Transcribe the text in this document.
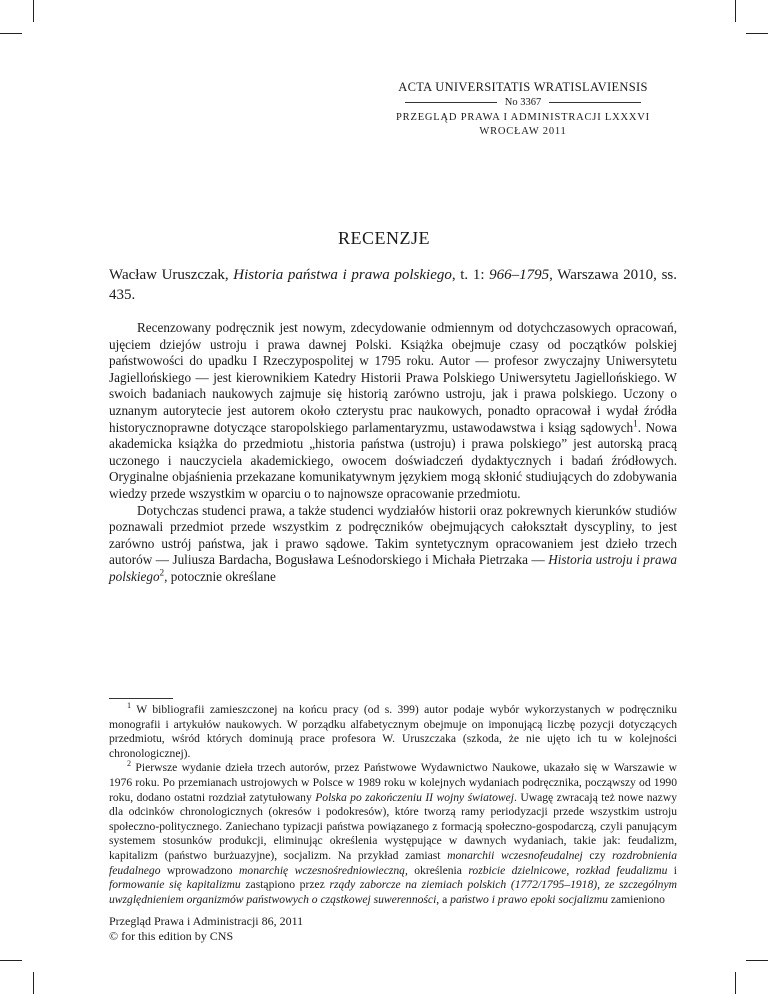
ACTA UNIVERSITATIS WRATISLAVIENSIS
No 3367
PRZEGLĄD PRAWA I ADMINISTRACJI LXXXVI
WROCŁAW 2011
RECENZJE
Wacław Uruszczak, Historia państwa i prawa polskiego, t. 1: 966–1795, Warszawa 2010, ss. 435.

Recenzowany podręcznik jest nowym, zdecydowanie odmiennym od dotychczasowych opracowań, ujęciem dziejów ustroju i prawa dawnej Polski. Książka obejmuje czasy od początków polskiej państwowości do upadku I Rzeczypospolitej w 1795 roku. Autor — profesor zwyczajny Uniwersytetu Jagiellońskiego — jest kierownikiem Katedry Historii Prawa Polskiego Uniwersytetu Jagiellońskiego. W swoich badaniach naukowych zajmuje się historią zarówno ustroju, jak i prawa polskiego. Uczony o uznanym autorytecie jest autorem około czterystu prac naukowych, ponadto opracował i wydał źródła historycznoprawne dotyczące staropolskiego parlamentaryzmu, ustawodawstwa i ksiąg sądowych$^1$. Nowa akademicka książka do przedmiotu „historia państwa (ustroju) i prawa polskiego” jest autorską pracą uczonego i nauczyciela akademickiego, owocem doświadczeń dydaktycznych i badań źródłowych. Oryginalne objaśnienia przekazane komunikatywnym językiem mogą skłonić studiujących do zdobywania wiedzy przede wszystkim w oparciu o to najnowsze opracowanie przedmiotu.

Dotychczas studenci prawa, a także studenci wydziałów historii oraz pokrewnych kierunków studiów poznawali przedmiot przede wszystkim z podręczników obejmujących całokształt dyscypliny, to jest zarówno ustrój państwa, jak i prawo sądowe. Takim syntetycznym opracowaniem jest dzieło trzech autorów — Juliusza Bardacha, Bogusława Leśnodorskiego i Michała Pietrzaka — Historia ustroju i prawa polskiego$^2$, potocznie określane

$^1$ W bibliografii zamieszczonej na końcu pracy (od s. 399) autor podaje wybór wykorzystanych w podręczniku monografii i artykułów naukowych. W porządku alfabetycznym obejmuje on imponującą liczbę pozycji dotyczących przedmiotu, wśród których dominują prace profesora W. Uruszczaka (szkoda, że nie ujęto ich tu w kolejności chronologicznej).

$^2$ Pierwsze wydanie dzieła trzech autorów, przez Państwowe Wydawnictwo Naukowe, ukazało się w Warszawie w 1976 roku. Po przemianach ustrojowych w Polsce w 1989 roku w kolejnych wydaniach podręcznika, począwszy od 1990 roku, dodano ostatni rozdział zatytułowany Polska po zakończeniu II wojny światowej. Uwagę zwracają też nowe nazwy dla odcinków chronologicznych (okresów i podokresów), które tworzą ramy periodyzacji przede wszystkim ustroju społeczno-politycznego. Zaniechano typizacji państwa powiązanego z formacją społeczno-gospodarczą, czyli panującym systemem stosunków produkcji, eliminując określenia występujące w dawnych wydaniach, takie jak: feudalizm, kapitalizm (państwo burżuazyjne), socjalizm. Na przykład zamiast monarchii wczesnofeudalnej czy rozdrobnienia feudalnego wprowadzono monarchię wczesnośredniowieczną, określenia rozbicie dzielnicowe, rozkład feudalizmu i formowanie się kapitalizmu zastąpiono przez rządy zaborcze na ziemiach polskich (1772/1795–1918), ze szczególnym uwzględnieniem organizmów państwowych o cząstkowej suwerenności, a państwo i prawo epoki socjalizmu zamieniono

Przegląd Prawa i Administracji 86, 2011
© for this edition by CNS
